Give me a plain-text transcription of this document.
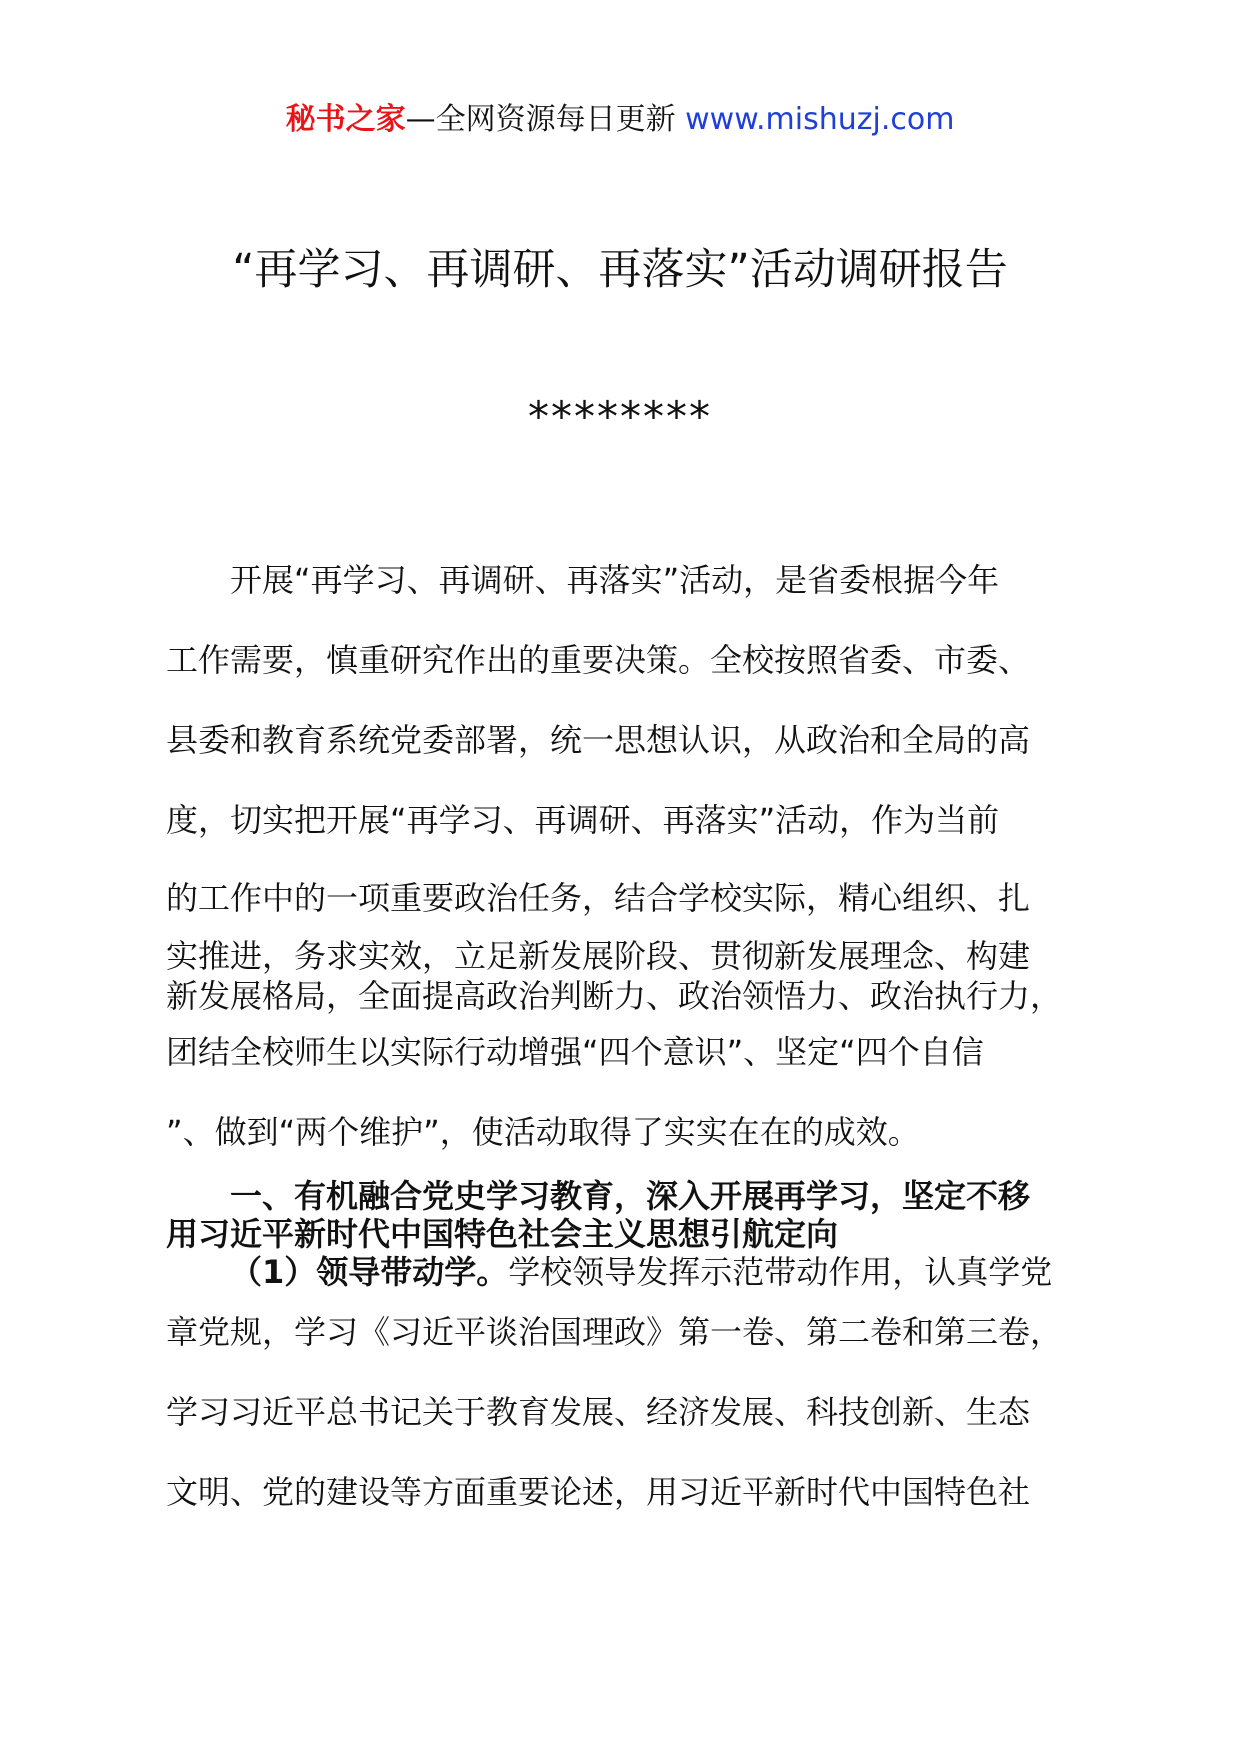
秘书之家—全网资源每日更新 www.mishuzj.com
“再学习、再调研、再落实”活动调研报告
********
开展“再学习、再调研、再落实”活动，是省委根据今年
工作需要，慎重研究作出的重要决策。全校按照省委、市委、
县委和教育系统党委部署，统一思想认识，从政治和全局的高
度，切实把开展“再学习、再调研、再落实”活动，作为当前
的工作中的一项重要政治任务，结合学校实际，精心组织、扎
实推进，务求实效，立足新发展阶段、贯彻新发展理念、构建
新发展格局，全面提高政治判断力、政治领悟力、政治执行力，
团结全校师生以实际行动增强“四个意识”、坚定“四个自信
”、做到“两个维护”，使活动取得了实实在在的成效。
一、有机融合党史学习教育，深入开展再学习，坚定不移
用习近平新时代中国特色社会主义思想引航定向
（1）领导带动学。学校领导发挥示范带动作用，认真学党
章党规，学习《习近平谈治国理政》第一卷、第二卷和第三卷，
学习习近平总书记关于教育发展、经济发展、科技创新、生态
文明、党的建设等方面重要论述，用习近平新时代中国特色社
